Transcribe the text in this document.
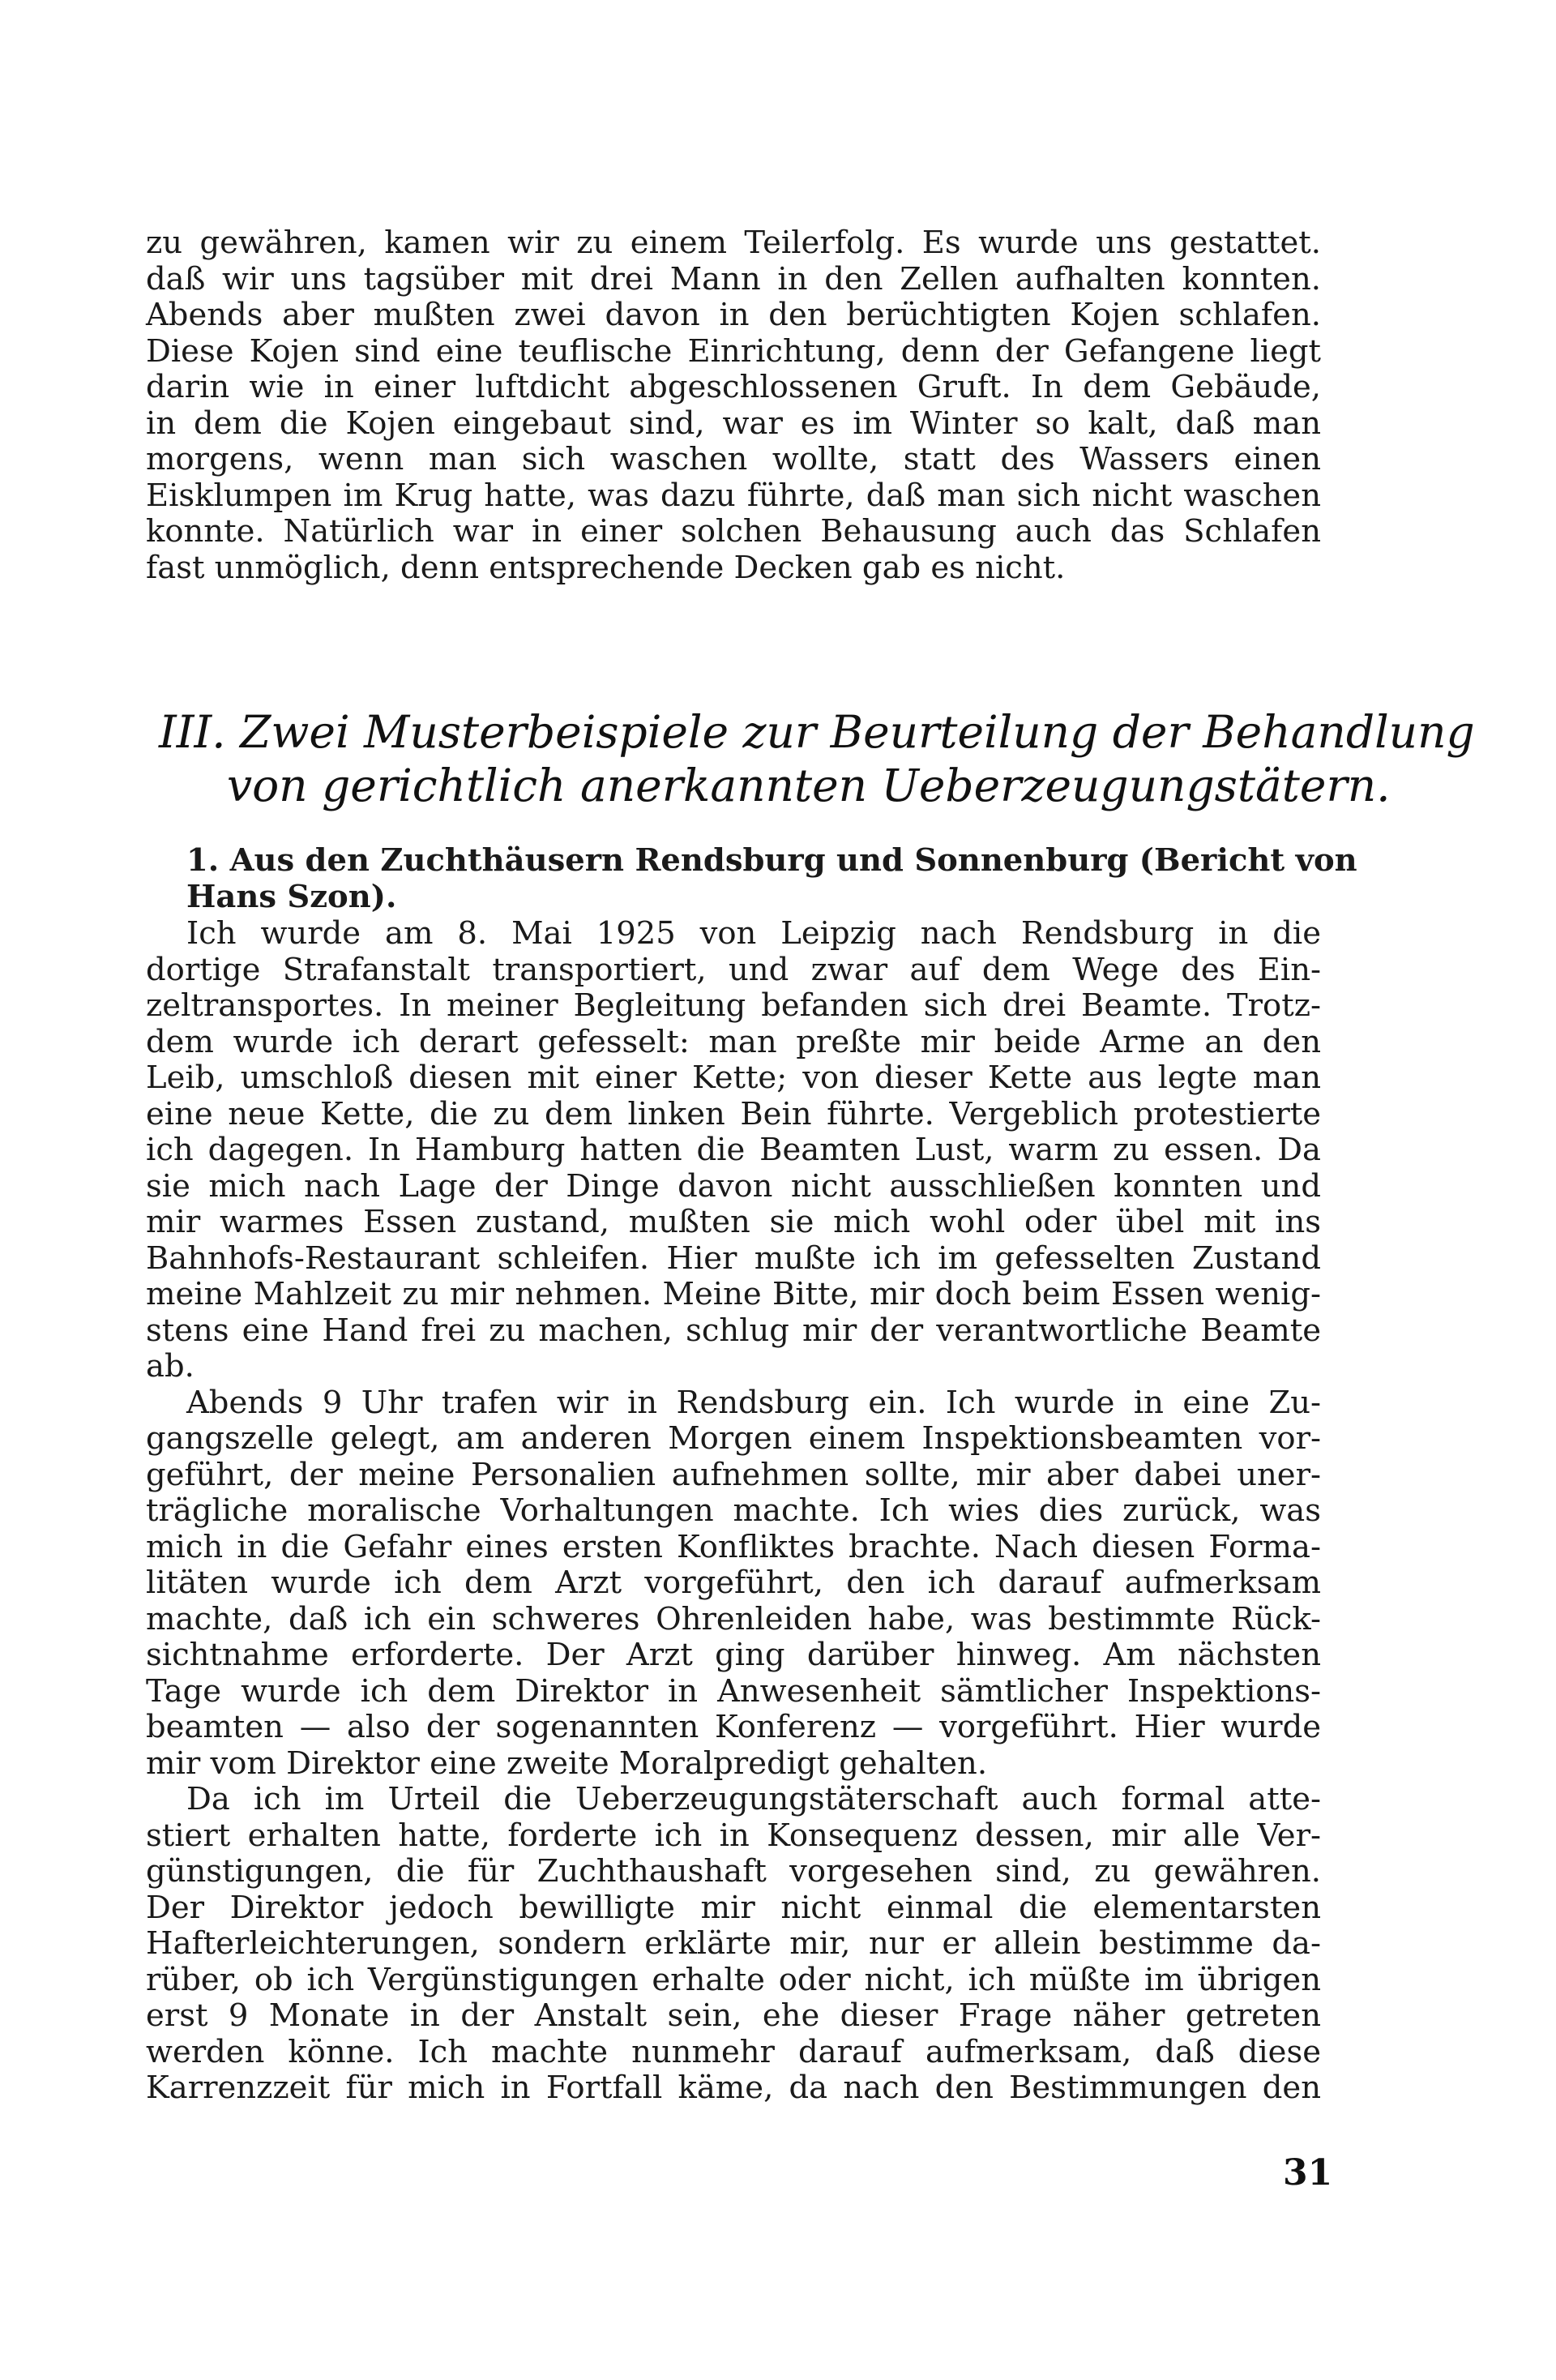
zu gewähren, kamen wir zu einem Teilerfolg. Es wurde uns gestattet.
daß wir uns tagsüber mit drei Mann in den Zellen aufhalten konnten.
Abends aber mußten zwei davon in den berüchtigten Kojen schlafen.
Diese Kojen sind eine teuflische Einrichtung, denn der Gefangene liegt
darin wie in einer luftdicht abgeschlossenen Gruft. In dem Gebäude,
in dem die Kojen eingebaut sind, war es im Winter so kalt, daß man
morgens, wenn man sich waschen wollte, statt des Wassers einen
Eisklumpen im Krug hatte, was dazu führte, daß man sich nicht waschen
konnte. Natürlich war in einer solchen Behausung auch das Schlafen
fast unmöglich, denn entsprechende Decken gab es nicht.
III. Zwei Musterbeispiele zur Beurteilung der Behandlung
von gerichtlich anerkannten Ueberzeugungstätern.
1. Aus den Zuchthäusern Rendsburg und Sonnenburg (Bericht von
Hans Szon).
Ich wurde am 8. Mai 1925 von Leipzig nach Rendsburg in die
dortige Strafanstalt transportiert, und zwar auf dem Wege des Ein-
zeltransportes. In meiner Begleitung befanden sich drei Beamte. Trotz-
dem wurde ich derart gefesselt: man preßte mir beide Arme an den
Leib, umschloß diesen mit einer Kette; von dieser Kette aus legte man
eine neue Kette, die zu dem linken Bein führte. Vergeblich protestierte
ich dagegen. In Hamburg hatten die Beamten Lust, warm zu essen. Da
sie mich nach Lage der Dinge davon nicht ausschließen konnten und
mir warmes Essen zustand, mußten sie mich wohl oder übel mit ins
Bahnhofs-Restaurant schleifen. Hier mußte ich im gefesselten Zustand
meine Mahlzeit zu mir nehmen. Meine Bitte, mir doch beim Essen wenig-
stens eine Hand frei zu machen, schlug mir der verantwortliche Beamte
ab.
Abends 9 Uhr trafen wir in Rendsburg ein. Ich wurde in eine Zu-
gangszelle gelegt, am anderen Morgen einem Inspektionsbeamten vor-
geführt, der meine Personalien aufnehmen sollte, mir aber dabei uner-
trägliche moralische Vorhaltungen machte. Ich wies dies zurück, was
mich in die Gefahr eines ersten Konfliktes brachte. Nach diesen Forma-
litäten wurde ich dem Arzt vorgeführt, den ich darauf aufmerksam
machte, daß ich ein schweres Ohrenleiden habe, was bestimmte Rück-
sichtnahme erforderte. Der Arzt ging darüber hinweg. Am nächsten
Tage wurde ich dem Direktor in Anwesenheit sämtlicher Inspektions-
beamten — also der sogenannten Konferenz — vorgeführt. Hier wurde
mir vom Direktor eine zweite Moralpredigt gehalten.
Da ich im Urteil die Ueberzeugungstäterschaft auch formal atte-
stiert erhalten hatte, forderte ich in Konsequenz dessen, mir alle Ver-
günstigungen, die für Zuchthaushaft vorgesehen sind, zu gewähren.
Der Direktor jedoch bewilligte mir nicht einmal die elementarsten
Hafterleichterungen, sondern erklärte mir, nur er allein bestimme da-
rüber, ob ich Vergünstigungen erhalte oder nicht, ich müßte im übrigen
erst 9 Monate in der Anstalt sein, ehe dieser Frage näher getreten
werden könne. Ich machte nunmehr darauf aufmerksam, daß diese
Karrenzzeit für mich in Fortfall käme, da nach den Bestimmungen den
31
